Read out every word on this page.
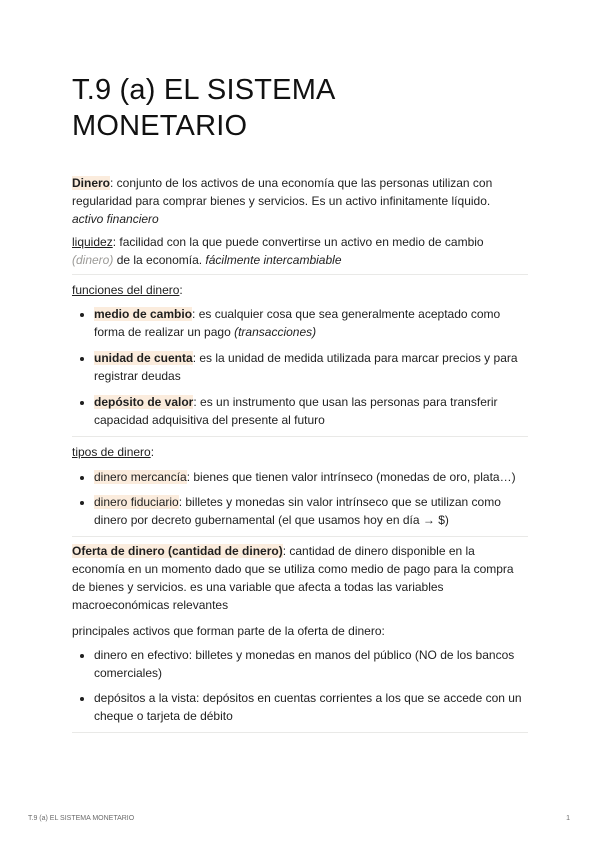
T.9 (a) EL SISTEMA
MONETARIO

Dinero: conjunto de los activos de una economía que las personas utilizan con regularidad para comprar bienes y servicios. Es un activo infinitamente líquido.
activo financiero

liquidez: facilidad con la que puede convertirse un activo en medio de cambio (dinero) de la economía. fácilmente intercambiable

funciones del dinero:

• medio de cambio: es cualquier cosa que sea generalmente aceptado como forma de realizar un pago (transacciones)
• unidad de cuenta: es la unidad de medida utilizada para marcar precios y para registrar deudas
• depósito de valor: es un instrumento que usan las personas para transferir capacidad adquisitiva del presente al futuro

tipos de dinero:

• dinero mercancía: bienes que tienen valor intrínseco (monedas de oro, plata…)
• dinero fiduciario: billetes y monedas sin valor intrínseco que se utilizan como dinero por decreto gubernamental (el que usamos hoy en día → $)

Oferta de dinero (cantidad de dinero): cantidad de dinero disponible en la economía en un momento dado que se utiliza como medio de pago para la compra de bienes y servicios. es una variable que afecta a todas las variables macroeconómicas relevantes

principales activos que forman parte de la oferta de dinero:

• dinero en efectivo: billetes y monedas en manos del público (NO de los bancos comerciales)
• depósitos a la vista: depósitos en cuentas corrientes a los que se accede con un cheque o tarjeta de débito
T.9 (a) EL SISTEMA MONETARIO	1
